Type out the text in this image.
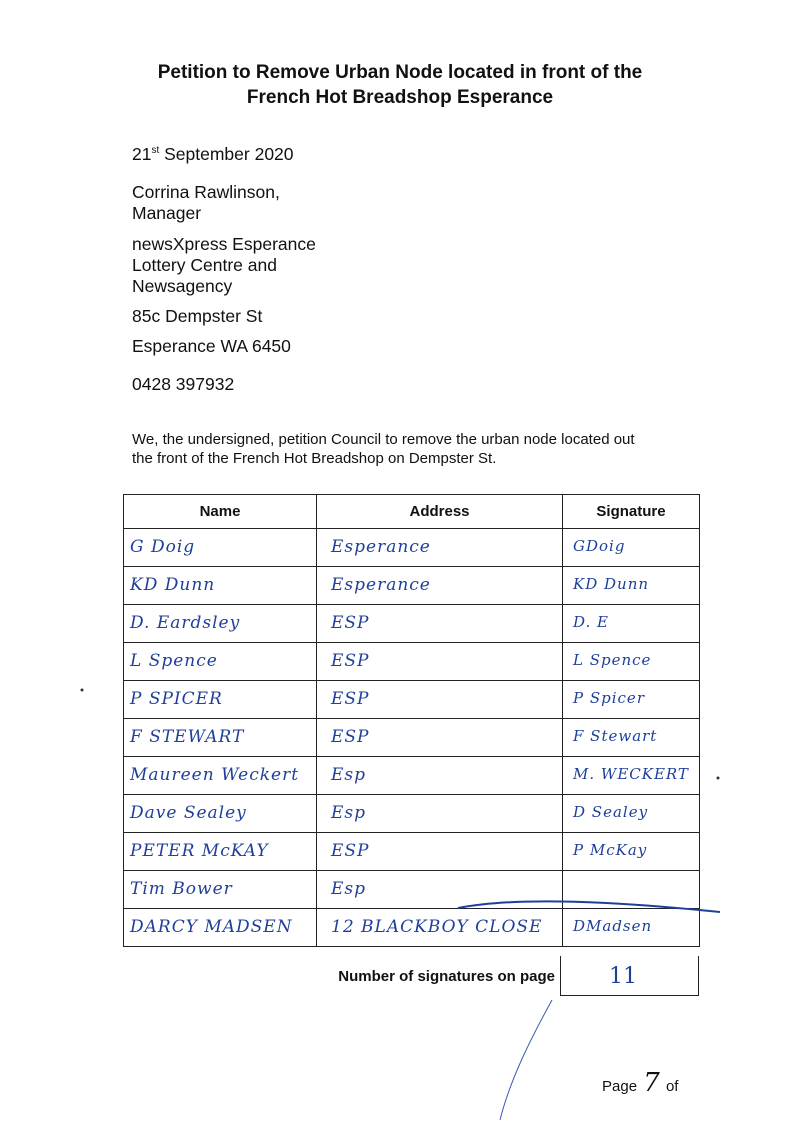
Petition to Remove Urban Node located in front of the
French Hot Breadshop Esperance
21st September 2020
Corrina Rawlinson,
Manager
newsXpress Esperance
Lottery Centre and
Newsagency
85c Dempster St
Esperance WA 6450
0428 397932
We, the undersigned, petition Council to remove the urban node located out
the front of the French Hot Breadshop on Dempster St.
Name	Address	Signature

G Doig	Esperance	GDoig

KD Dunn	Esperance	KD Dunn

D. Eardsley	ESP	D. E

L Spence	ESP	L Spence

P SPICER	ESP	P Spicer

F STEWART	ESP	F Stewart

Maureen Weckert	Esp	M. WECKERT

Dave Sealey	Esp	D Sealey

PETER McKAY	ESP	P McKay

Tim Bower	Esp	

DARCY MADSEN	12 BLACKBOY CLOSE	DMadsen
Number of signatures on page 11
Page 7 of
